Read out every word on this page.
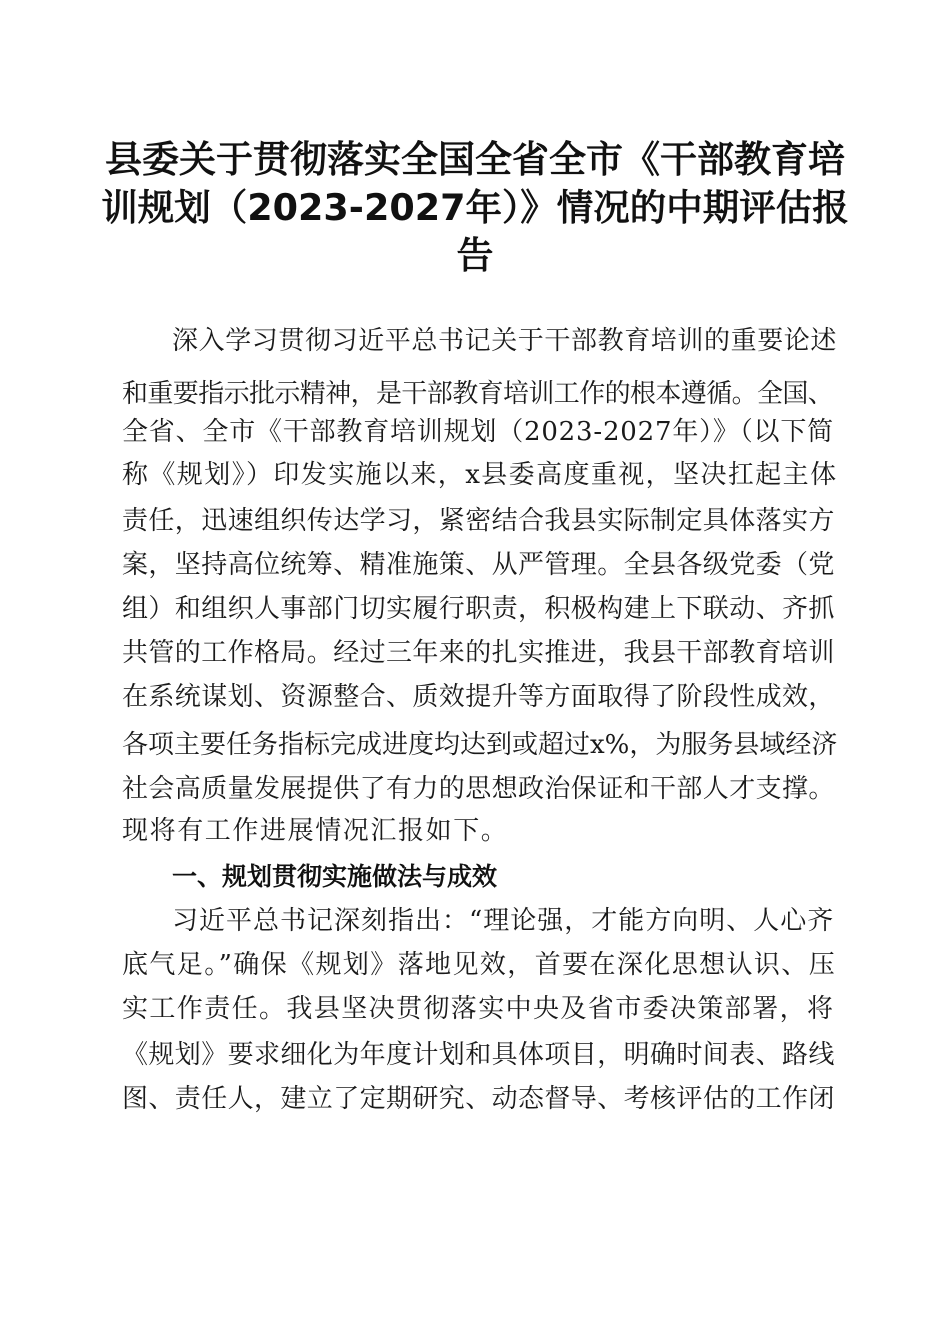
县委关于贯彻落实全国全省全市《干部教育培
训规划（2023-2027年）》情况的中期评估报
告
深入学习贯彻习近平总书记关于干部教育培训的重要论述
和重要指示批示精神，是干部教育培训工作的根本遵循。全国、
全省、全市《干部教育培训规划（2023-2027年）》（以下简
称《规划》）印发实施以来，x县委高度重视，坚决扛起主体
责任，迅速组织传达学习，紧密结合我县实际制定具体落实方
案，坚持高位统筹、精准施策、从严管理。全县各级党委（党
组）和组织人事部门切实履行职责，积极构建上下联动、齐抓
共管的工作格局。经过三年来的扎实推进，我县干部教育培训
在系统谋划、资源整合、质效提升等方面取得了阶段性成效，
各项主要任务指标完成进度均达到或超过x%，为服务县域经济
社会高质量发展提供了有力的思想政治保证和干部人才支撑。
现将有工作进展情况汇报如下。
一、规划贯彻实施做法与成效
习近平总书记深刻指出：“理论强，才能方向明、人心齐
底气足。”确保《规划》落地见效，首要在深化思想认识、压
实工作责任。我县坚决贯彻落实中央及省市委决策部署，将
《规划》要求细化为年度计划和具体项目，明确时间表、路线
图、责任人，建立了定期研究、动态督导、考核评估的工作闭
